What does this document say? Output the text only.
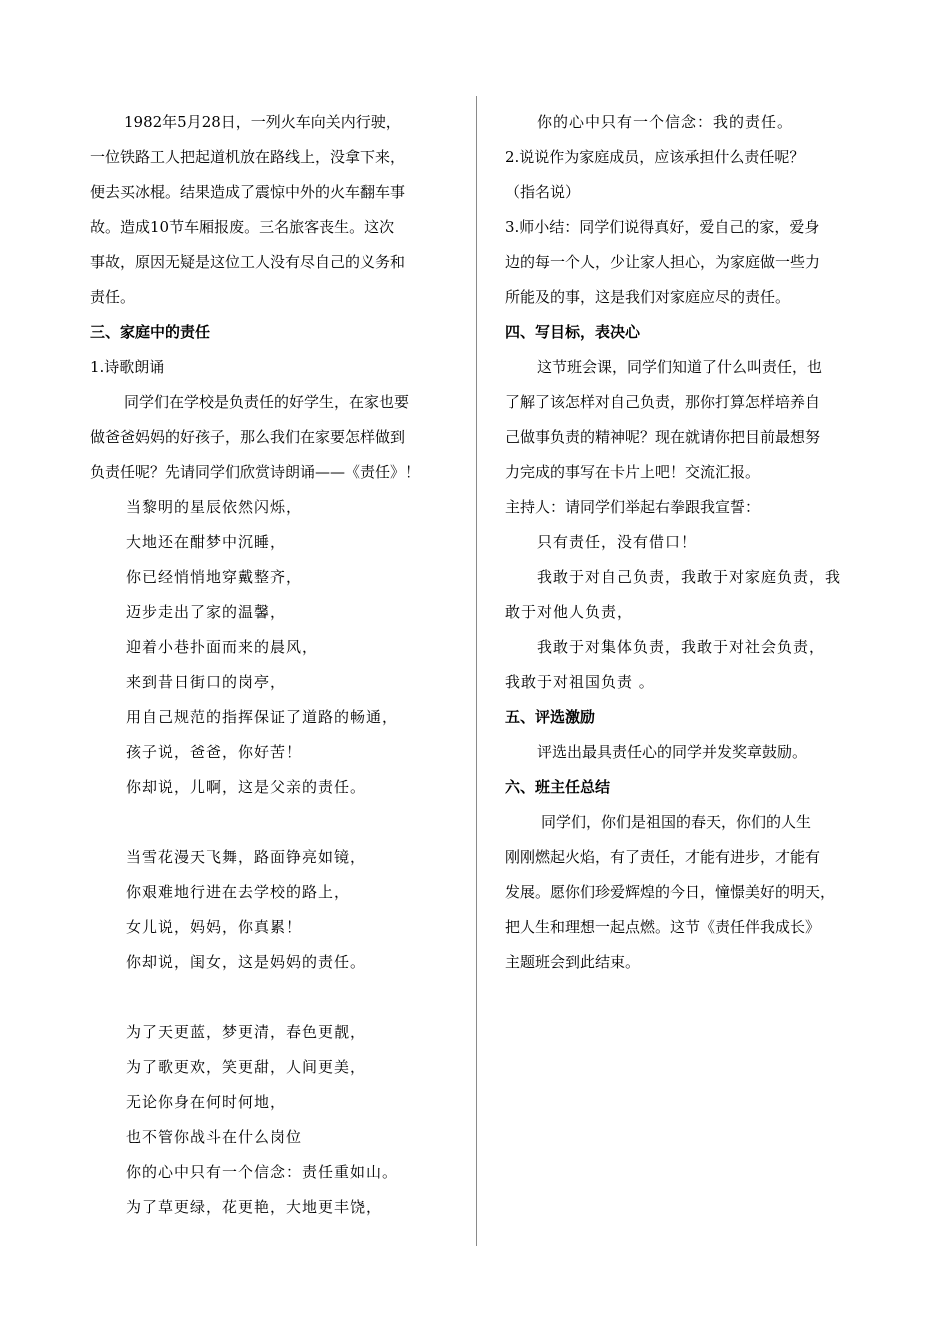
1982年5月28日，一列火车向关内行驶，
一位铁路工人把起道机放在路线上，没拿下来，
便去买冰棍。结果造成了震惊中外的火车翻车事
故。造成10节车厢报废。三名旅客丧生。这次
事故，原因无疑是这位工人没有尽自己的义务和
责任。
三、家庭中的责任
1.诗歌朗诵
同学们在学校是负责任的好学生，在家也要
做爸爸妈妈的好孩子，那么我们在家要怎样做到
负责任呢？先请同学们欣赏诗朗诵——《责任》！
当黎明的星辰依然闪烁，
大地还在酣梦中沉睡，
你已经悄悄地穿戴整齐，
迈步走出了家的温馨，
迎着小巷扑面而来的晨风，
来到昔日街口的岗亭，
用自己规范的指挥保证了道路的畅通，
孩子说，爸爸，你好苦！
你却说，儿啊，这是父亲的责任。
当雪花漫天飞舞，路面铮亮如镜，
你艰难地行进在去学校的路上，
女儿说，妈妈，你真累！
你却说，闺女，这是妈妈的责任。
为了天更蓝，梦更清，春色更靓，
为了歌更欢，笑更甜，人间更美，
无论你身在何时何地，
也不管你战斗在什么岗位
你的心中只有一个信念：责任重如山。
为了草更绿，花更艳，大地更丰饶，
你的心中只有一个信念：我的责任。
2.说说作为家庭成员，应该承担什么责任呢？
（指名说）
3.师小结：同学们说得真好，爱自己的家，爱身
边的每一个人，少让家人担心，为家庭做一些力
所能及的事，这是我们对家庭应尽的责任。
四、写目标，表决心
这节班会课，同学们知道了什么叫责任，也
了解了该怎样对自己负责，那你打算怎样培养自
己做事负责的精神呢？现在就请你把目前最想努
力完成的事写在卡片上吧！交流汇报。
主持人：请同学们举起右拳跟我宣誓：
只有责任，没有借口！
我敢于对自己负责，我敢于对家庭负责，我
敢于对他人负责，
我敢于对集体负责，我敢于对社会负责，
我敢于对祖国负责 。
五、评选激励
评选出最具责任心的同学并发奖章鼓励。
六、班主任总结
同学们，你们是祖国的春天，你们的人生
刚刚燃起火焰，有了责任，才能有进步，才能有
发展。愿你们珍爱辉煌的今日，憧憬美好的明天，
把人生和理想一起点燃。这节《责任伴我成长》
主题班会到此结束。
